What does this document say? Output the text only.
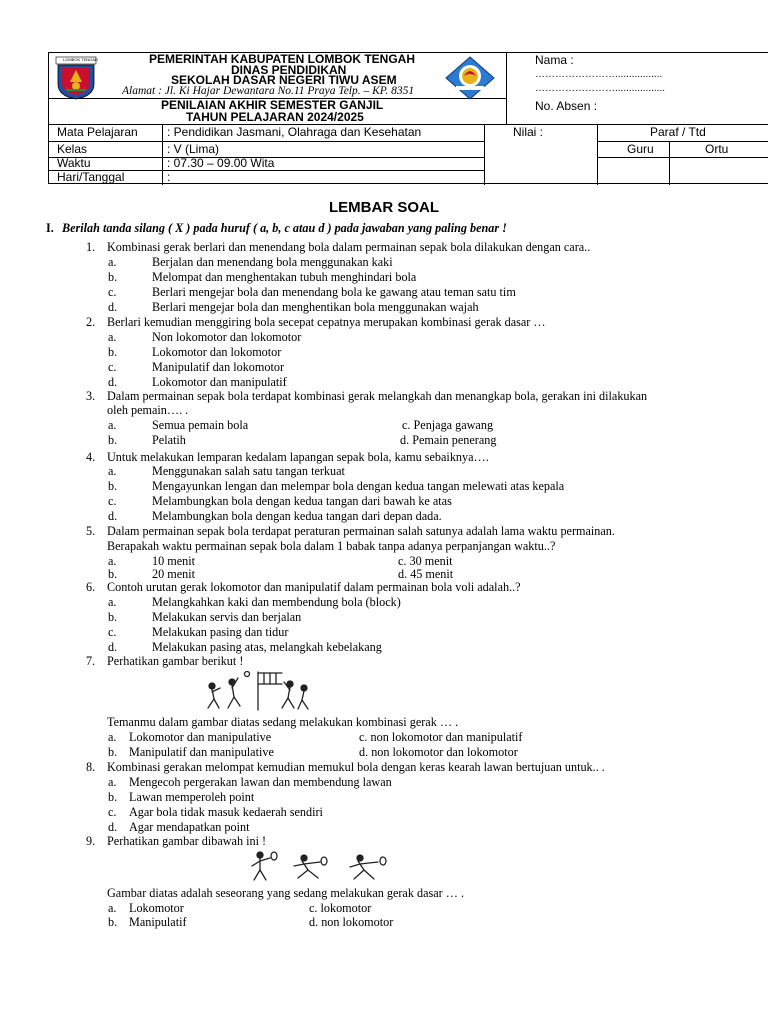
LOMBOK TENGAH	PEMERINTAH KABUPATEN LOMBOK TENGAH
DINAS PENDIDIKAN
SEKOLAH DASAR NEGERI TIWU ASEM
Alamat : Jl. Ki Hajar Dewantara No.11 Praya Telp. – KP. 8351
Nama :
…………………….................
……………………..................
No. Absen :
PENILAIAN AKHIR SEMESTER GANJIL
TAHUN PELAJARAN 2024/2025
Mata Pelajaran : Pendidikan Jasmani, Olahraga dan Kesehatan
Kelas	: V (Lima)
Waktu	: 07.30 – 09.00 Wita
Hari/Tanggal	:
Nilai :	Paraf / Ttd
Guru	Ortu
LEMBAR SOAL
I. Berilah tanda silang ( X ) pada huruf ( a, b, c atau d ) pada jawaban yang paling benar !
1. Kombinasi gerak berlari dan menendang bola dalam permainan sepak bola dilakukan dengan cara..
a.	Berjalan dan menendang bola menggunakan kaki
b.	Melompat dan menghentakan tubuh menghindari bola
c.	Berlari mengejar bola dan menendang bola ke gawang atau teman satu tim
d.	Berlari mengejar bola dan menghentikan bola menggunakan wajah
2. Berlari kemudian menggiring bola secepat cepatnya merupakan kombinasi gerak dasar …
a.	Non lokomotor dan lokomotor
b.	Lokomotor dan lokomotor
c.	Manipulatif dan lokomotor
d.	Lokomotor dan manipulatif
3. Dalam permainan sepak bola terdapat kombinasi gerak melangkah dan menangkap bola, gerakan ini dilakukan
oleh pemain…. .
a.	Semua pemain bola	c. Penjaga gawang
b.	Pelatih	d. Pemain penerang
4. Untuk melakukan lemparan kedalam lapangan sepak bola, kamu sebaiknya….
a.	Menggunakan salah satu tangan terkuat
b.	Mengayunkan lengan dan melempar bola dengan kedua tangan melewati atas kepala
c.	Melambungkan bola dengan kedua tangan dari bawah ke atas
d.	Melambungkan bola dengan kedua tangan dari depan dada.
5. Dalam permainan sepak bola terdapat peraturan permainan salah satunya adalah lama waktu permainan.
Berapakah waktu permainan sepak bola dalam 1 babak tanpa adanya perpanjangan waktu..?
a.	10 menit	c. 30 menit
b.	20 menit	d. 45 menit
6. Contoh urutan gerak lokomotor dan manipulatif dalam permainan bola voli adalah..?
a.	Melangkahkan kaki dan membendung bola (block)
b.	Melakukan servis dan berjalan
c.	Melakukan pasing dan tidur
d.	Melakukan pasing atas, melangkah kebelakang
7. Perhatikan gambar berikut !
Temanmu dalam gambar diatas sedang melakukan kombinasi gerak … .
a. Lokomotor dan manipulative	c. non lokomotor dan manipulatif
b. Manipulatif dan manipulative	d. non lokomotor dan lokomotor
8. Kombinasi gerakan melompat kemudian memukul bola dengan keras kearah lawan bertujuan untuk.. .
a. Mengecoh pergerakan lawan dan membendung lawan
b. Lawan memperoleh point
c. Agar bola tidak masuk kedaerah sendiri
d. Agar mendapatkan point
9. Perhatikan gambar dibawah ini !
Gambar diatas adalah seseorang yang sedang melakukan gerak dasar … .
a. Lokomotor	c. lokomotor
b. Manipulatif	d. non lokomotor
